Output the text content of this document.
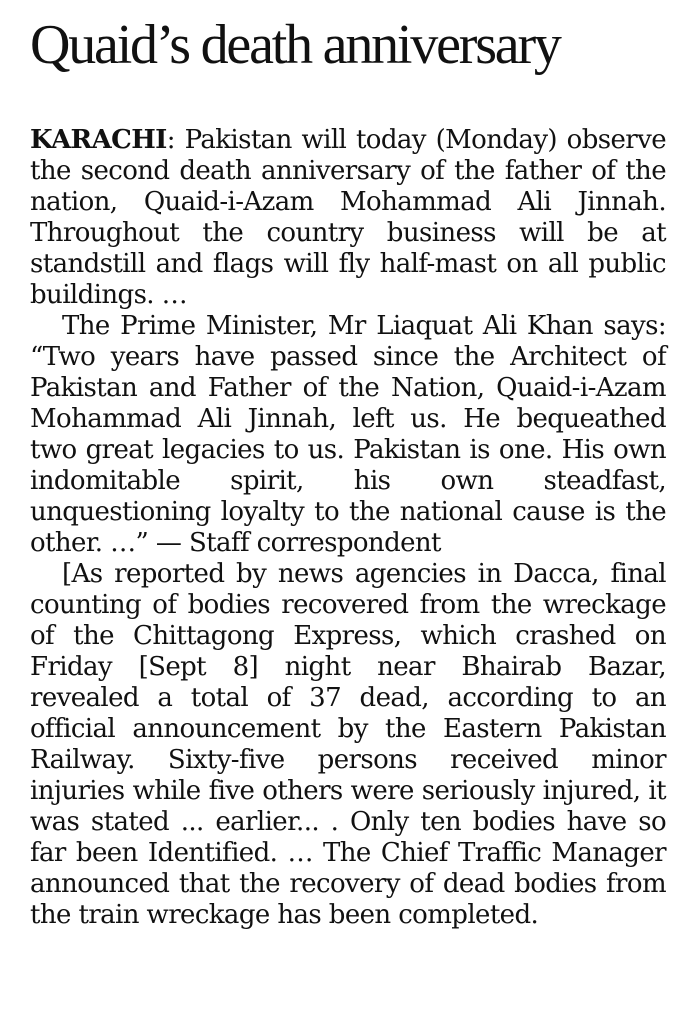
Quaid’s death anniversary

KARACHI: Pakistan will today (Monday) observe the second death anniversary of the father of the nation, Quaid-i-Azam Mohammad Ali Jinnah. Throughout the country business will be at standstill and flags will fly half-mast on all public buildings. …

The Prime Minister, Mr Liaquat Ali Khan says: “Two years have passed since the Architect of Pakistan and Father of the Nation, Quaid-i-Azam Mohammad Ali Jinnah, left us. He bequeathed two great legacies to us. Pakistan is one. His own indomitable spirit, his own steadfast, unquestioning loyalty to the national cause is the other. …” — Staff correspondent

[As reported by news agencies in Dacca, final counting of bodies recovered from the wreckage of the Chittagong Express, which crashed on Friday [Sept 8] night near Bhairab Bazar, revealed a total of 37 dead, according to an official announcement by the Eastern Pakistan Railway. Sixty-five persons received minor injuries while five others were seriously injured, it was stated ... earlier... . Only ten bodies have so far been Identified. … The Chief Traffic Manager announced that the recovery of dead bodies from the train wreckage has been completed.
